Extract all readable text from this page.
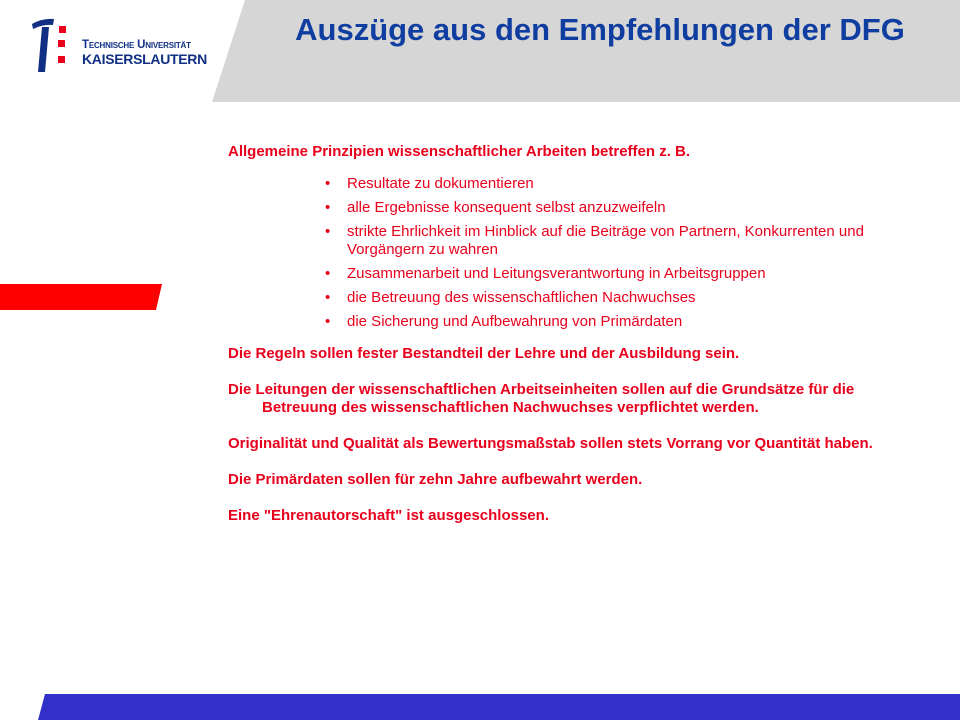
Technische Universität
KAISERSLAUTERN
Auszüge aus den Empfehlungen der DFG

Allgemeine Prinzipien wissenschaftlicher Arbeiten betreffen z. B.

• Resultate zu dokumentieren
• alle Ergebnisse konsequent selbst anzuzweifeln
• strikte Ehrlichkeit im Hinblick auf die Beiträge von Partnern, Konkurrenten und Vorgängern zu wahren
• Zusammenarbeit und Leitungsverantwortung in Arbeitsgruppen
• die Betreuung des wissenschaftlichen Nachwuchses
• die Sicherung und Aufbewahrung von Primärdaten

Die Regeln sollen fester Bestandteil der Lehre und der Ausbildung sein.

Die Leitungen der wissenschaftlichen Arbeitseinheiten sollen auf die Grundsätze für die Betreuung des wissenschaftlichen Nachwuchses verpflichtet werden.

Originalität und Qualität als Bewertungsmaßstab sollen stets Vorrang vor Quantität haben.

Die Primärdaten sollen für zehn Jahre aufbewahrt werden.

Eine "Ehrenautorschaft" ist ausgeschlossen.
